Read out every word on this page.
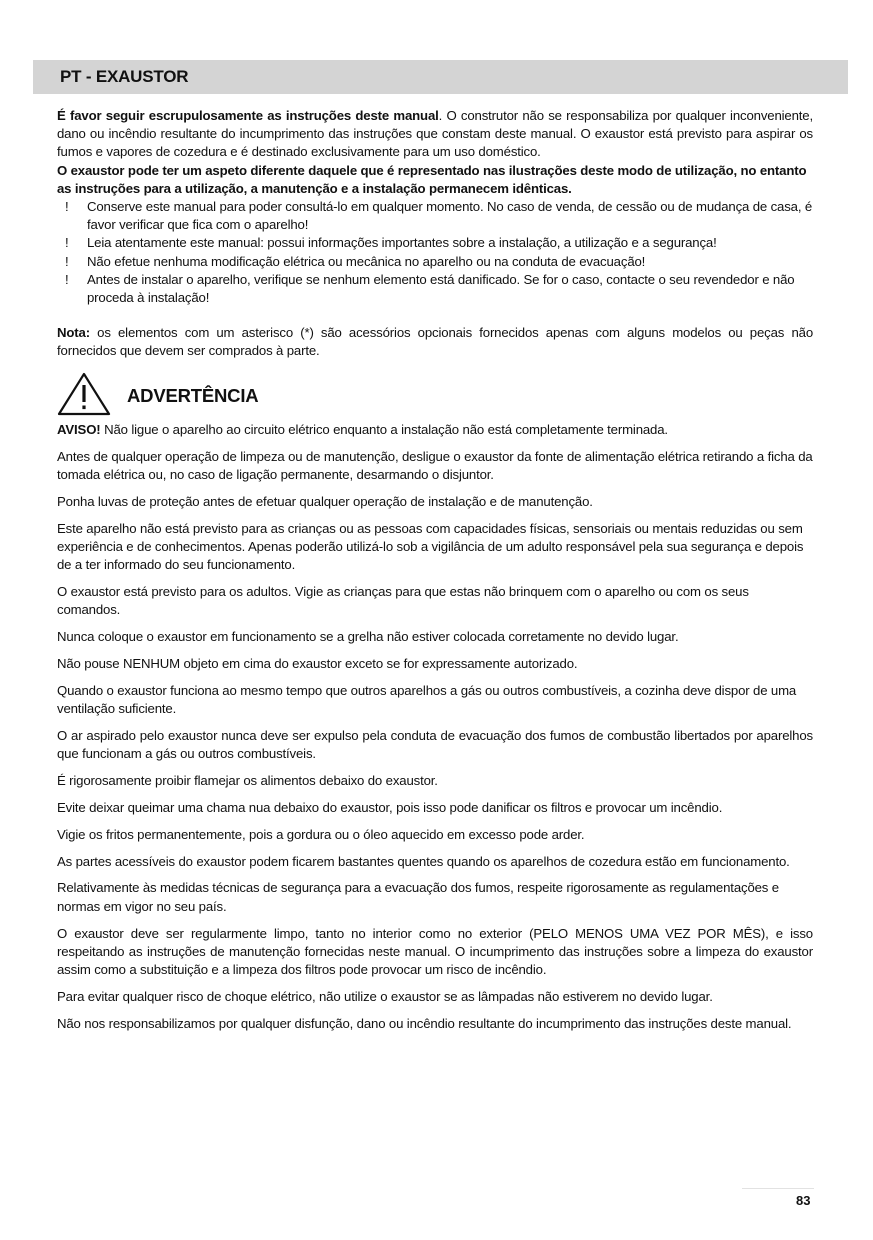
PT - EXAUSTOR
É favor seguir escrupulosamente as instruções deste manual. O construtor não se responsabiliza por qualquer inconveniente, dano ou incêndio resultante do incumprimento das instruções que constam deste manual. O exaustor está previsto para aspirar os fumos e vapores de cozedura e é destinado exclusivamente para um uso doméstico.
O exaustor pode ter um aspeto diferente daquele que é representado nas ilustrações deste modo de utilização, no entanto as instruções para a utilização, a manutenção e a instalação permanecem idênticas.
! Conserve este manual para poder consultá-lo em qualquer momento. No caso de venda, de cessão ou de mudança de casa, é favor verificar que fica com o aparelho!
! Leia atentamente este manual: possui informações importantes sobre a instalação, a utilização e a segurança!
! Não efetue nenhuma modificação elétrica ou mecânica no aparelho ou na conduta de evacuação!
! Antes de instalar o aparelho, verifique se nenhum elemento está danificado. Se for o caso, contacte o seu revendedor e não proceda à instalação!
Nota: os elementos com um asterisco (*) são acessórios opcionais fornecidos apenas com alguns modelos ou peças não fornecidos que devem ser comprados à parte.
ADVERTÊNCIA

AVISO! Não ligue o aparelho ao circuito elétrico enquanto a instalação não está completamente terminada.

Antes de qualquer operação de limpeza ou de manutenção, desligue o exaustor da fonte de alimentação elétrica retirando a ficha da tomada elétrica ou, no caso de ligação permanente, desarmando o disjuntor.

Ponha luvas de proteção antes de efetuar qualquer operação de instalação e de manutenção.

Este aparelho não está previsto para as crianças ou as pessoas com capacidades físicas, sensoriais ou mentais reduzidas ou sem experiência e de conhecimentos. Apenas poderão utilizá-lo sob a vigilância de um adulto responsável pela sua segurança e depois de a ter informado do seu funcionamento.

O exaustor está previsto para os adultos. Vigie as crianças para que estas não brinquem com o aparelho ou com os seus comandos.

Nunca coloque o exaustor em funcionamento se a grelha não estiver colocada corretamente no devido lugar.

Não pouse NENHUM objeto em cima do exaustor exceto se for expressamente autorizado.

Quando o exaustor funciona ao mesmo tempo que outros aparelhos a gás ou outros combustíveis, a cozinha deve dispor de uma ventilação suficiente.

O ar aspirado pelo exaustor nunca deve ser expulso pela conduta de evacuação dos fumos de combustão libertados por aparelhos que funcionam a gás ou outros combustíveis.

É rigorosamente proibir flamejar os alimentos debaixo do exaustor.

Evite deixar queimar uma chama nua debaixo do exaustor, pois isso pode danificar os filtros e provocar um incêndio.

Vigie os fritos permanentemente, pois a gordura ou o óleo aquecido em excesso pode arder.

As partes acessíveis do exaustor podem ficarem bastantes quentes quando os aparelhos de cozedura estão em funcionamento.

Relativamente às medidas técnicas de segurança para a evacuação dos fumos, respeite rigorosamente as regulamentações e normas em vigor no seu país.

O exaustor deve ser regularmente limpo, tanto no interior como no exterior (PELO MENOS UMA VEZ POR MÊS), e isso respeitando as instruções de manutenção fornecidas neste manual. O incumprimento das instruções sobre a limpeza do exaustor assim como a substituição e a limpeza dos filtros pode provocar um risco de incêndio.

Para evitar qualquer risco de choque elétrico, não utilize o exaustor se as lâmpadas não estiverem no devido lugar.

Não nos responsabilizamos por qualquer disfunção, dano ou incêndio resultante do incumprimento das instruções deste manual.

83
